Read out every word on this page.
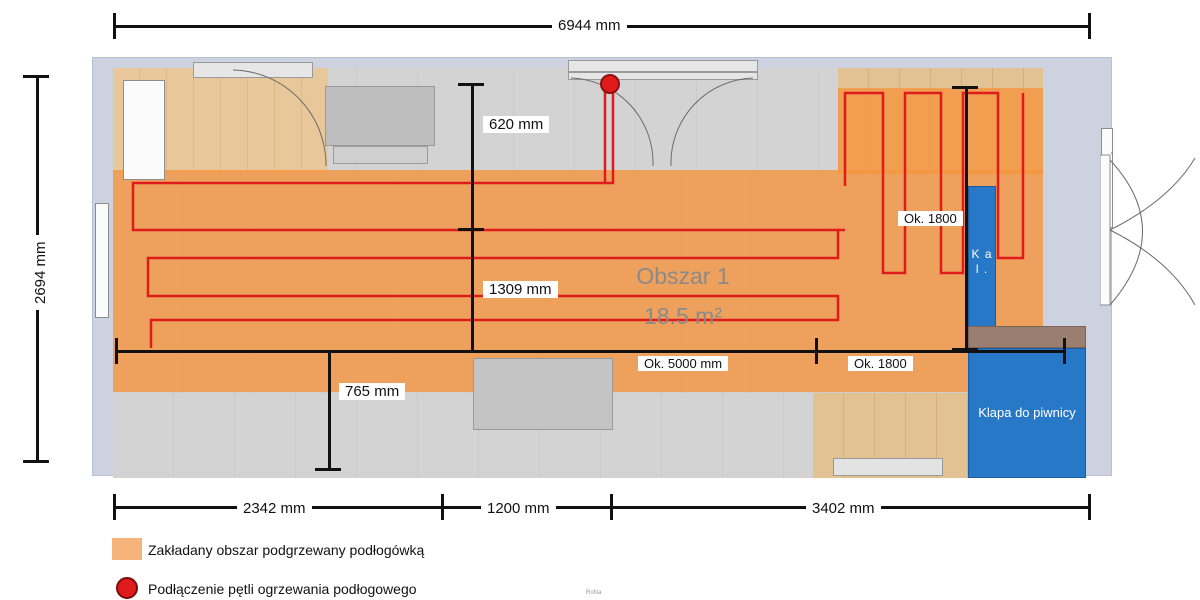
K a l .
Klapa do piwnicy
Obszar 1
18.5 m²
620 mm
1309 mm
765 mm
Ok. 1800
Ok. 5000 mm	Ok. 1800
6944 mm
2694 mm
2342 mm	1200 mm	3402 mm
Zakładany obszar podgrzewany podłogówką
Podłączenie pętli ogrzewania podłogowego	RoNa
